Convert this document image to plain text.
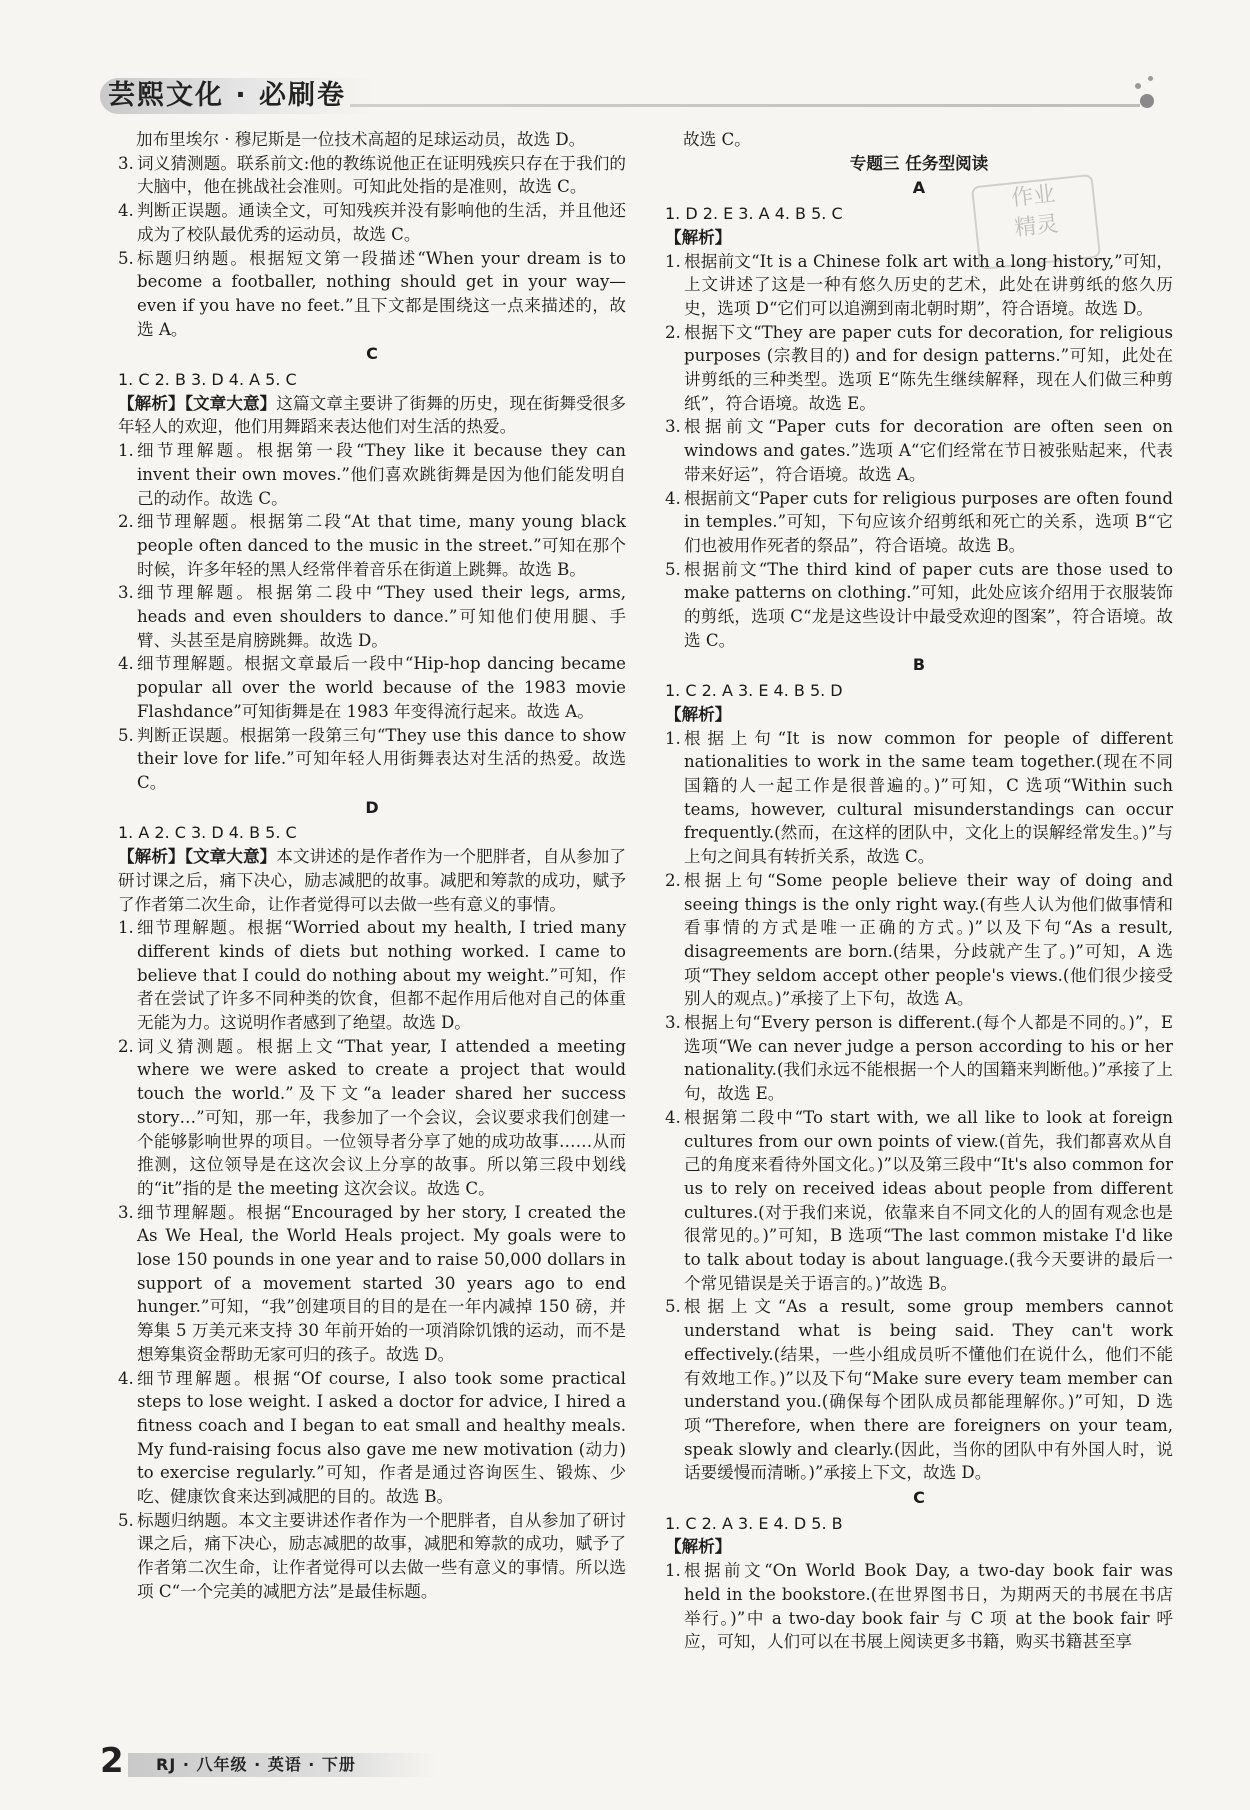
芸熙文化 · 必刷卷
作业
精灵

加布里埃尔 · 穆尼斯是一位技术高超的足球运动员，故选 D。

3. 词义猜测题。联系前文:他的教练说他正在证明残疾只存在于我们的大脑中，他在挑战社会准则。可知此处指的是准则，故选 C。

4. 判断正误题。通读全文，可知残疾并没有影响他的生活，并且他还成为了校队最优秀的运动员，故选 C。

5. 标题归纳题。根据短文第一段描述“When your dream is to become a footballer, nothing should get in your way—even if you have no feet.”且下文都是围绕这一点来描述的，故选 A。

C

1. C 2. B 3. D 4. A 5. C

【解析】【文章大意】这篇文章主要讲了街舞的历史，现在街舞受很多年轻人的欢迎，他们用舞蹈来表达他们对生活的热爱。

1. 细节理解题。根据第一段“They like it because they can invent their own moves.”他们喜欢跳街舞是因为他们能发明自己的动作。故选 C。

2. 细节理解题。根据第二段“At that time, many young black people often danced to the music in the street.”可知在那个时候，许多年轻的黑人经常伴着音乐在街道上跳舞。故选 B。

3. 细节理解题。根据第二段中“They used their legs, arms, heads and even shoulders to dance.”可知他们使用腿、手臂、头甚至是肩膀跳舞。故选 D。

4. 细节理解题。根据文章最后一段中“Hip-hop dancing became popular all over the world because of the 1983 movie Flashdance”可知街舞是在 1983 年变得流行起来。故选 A。

5. 判断正误题。根据第一段第三句“They use this dance to show their love for life.”可知年轻人用街舞表达对生活的热爱。故选 C。

D

1. A 2. C 3. D 4. B 5. C

【解析】【文章大意】本文讲述的是作者作为一个肥胖者，自从参加了研讨课之后，痛下决心，励志减肥的故事。减肥和筹款的成功，赋予了作者第二次生命，让作者觉得可以去做一些有意义的事情。

1. 细节理解题。根据“Worried about my health, I tried many different kinds of diets but nothing worked. I came to believe that I could do nothing about my weight.”可知，作者在尝试了许多不同种类的饮食，但都不起作用后他对自己的体重无能为力。这说明作者感到了绝望。故选 D。

2. 词义猜测题。根据上文“That year, I attended a meeting where we were asked to create a project that would touch the world.”及下文“a leader shared her success story…”可知，那一年，我参加了一个会议，会议要求我们创建一个能够影响世界的项目。一位领导者分享了她的成功故事……从而推测，这位领导是在这次会议上分享的故事。所以第三段中划线的“it”指的是 the meeting 这次会议。故选 C。

3. 细节理解题。根据“Encouraged by her story, I created the As We Heal, the World Heals project. My goals were to lose 150 pounds in one year and to raise 50,000 dollars in support of a movement started 30 years ago to end hunger.”可知，“我”创建项目的目的是在一年内减掉 150 磅，并筹集 5 万美元来支持 30 年前开始的一项消除饥饿的运动，而不是想筹集资金帮助无家可归的孩子。故选 D。

4. 细节理解题。根据“Of course, I also took some practical steps to lose weight. I asked a doctor for advice, I hired a fitness coach and I began to eat small and healthy meals. My fund-raising focus also gave me new motivation (动力) to exercise regularly.”可知，作者是通过咨询医生、锻炼、少吃、健康饮食来达到减肥的目的。故选 B。

5. 标题归纳题。本文主要讲述作者作为一个肥胖者，自从参加了研讨课之后，痛下决心，励志减肥的故事，减肥和筹款的成功，赋予了作者第二次生命，让作者觉得可以去做一些有意义的事情。所以选项 C“一个完美的减肥方法”是最佳标题。

故选 C。

专题三 任务型阅读

A

1. D 2. E 3. A 4. B 5. C

【解析】

1. 根据前文“It is a Chinese folk art with a long history,”可知，上文讲述了这是一种有悠久历史的艺术，此处在讲剪纸的悠久历史，选项 D“它们可以追溯到南北朝时期”，符合语境。故选 D。

2. 根据下文“They are paper cuts for decoration, for religious purposes (宗教目的) and for design patterns.”可知，此处在讲剪纸的三种类型。选项 E“陈先生继续解释，现在人们做三种剪纸”，符合语境。故选 E。

3. 根据前文“Paper cuts for decoration are often seen on windows and gates.”选项 A“它们经常在节日被张贴起来，代表带来好运”，符合语境。故选 A。

4. 根据前文“Paper cuts for religious purposes are often found in temples.”可知，下句应该介绍剪纸和死亡的关系，选项 B“它们也被用作死者的祭品”，符合语境。故选 B。

5. 根据前文“The third kind of paper cuts are those used to make patterns on clothing.”可知，此处应该介绍用于衣服装饰的剪纸，选项 C“龙是这些设计中最受欢迎的图案”，符合语境。故选 C。

B

1. C 2. A 3. E 4. B 5. D

【解析】

1. 根据上句“It is now common for people of different nationalities to work in the same team together.(现在不同国籍的人一起工作是很普遍的。)”可知，C 选项“Within such teams, however, cultural misunderstandings can occur frequently.(然而，在这样的团队中，文化上的误解经常发生。)”与上句之间具有转折关系，故选 C。

2. 根据上句“Some people believe their way of doing and seeing things is the only right way.(有些人认为他们做事情和看事情的方式是唯一正确的方式。)”以及下句“As a result, disagreements are born.(结果，分歧就产生了。)”可知，A 选项“They seldom accept other people's views.(他们很少接受别人的观点。)”承接了上下句，故选 A。

3. 根据上句“Every person is different.(每个人都是不同的。)”，E 选项“We can never judge a person according to his or her nationality.(我们永远不能根据一个人的国籍来判断他。)”承接了上句，故选 E。

4. 根据第二段中“To start with, we all like to look at foreign cultures from our own points of view.(首先，我们都喜欢从自己的角度来看待外国文化。)”以及第三段中“It's also common for us to rely on received ideas about people from different cultures.(对于我们来说，依靠来自不同文化的人的固有观念也是很常见的。)”可知，B 选项“The last common mistake I'd like to talk about today is about language.(我今天要讲的最后一个常见错误是关于语言的。)”故选 B。

5. 根据上文“As a result, some group members cannot understand what is being said. They can't work effectively.(结果，一些小组成员听不懂他们在说什么，他们不能有效地工作。)”以及下句“Make sure every team member can understand you.(确保每个团队成员都能理解你。)”可知，D 选项“Therefore, when there are foreigners on your team, speak slowly and clearly.(因此，当你的团队中有外国人时，说话要缓慢而清晰。)”承接上下文，故选 D。

C

1. C 2. A 3. E 4. D 5. B

【解析】

1. 根据前文“On World Book Day, a two-day book fair was held in the bookstore.(在世界图书日，为期两天的书展在书店举行。)”中 a two-day book fair 与 C 项 at the book fair 呼应，可知，人们可以在书展上阅读更多书籍，购买书籍甚至享

RJ · 八年级 · 英语 · 下册
2
